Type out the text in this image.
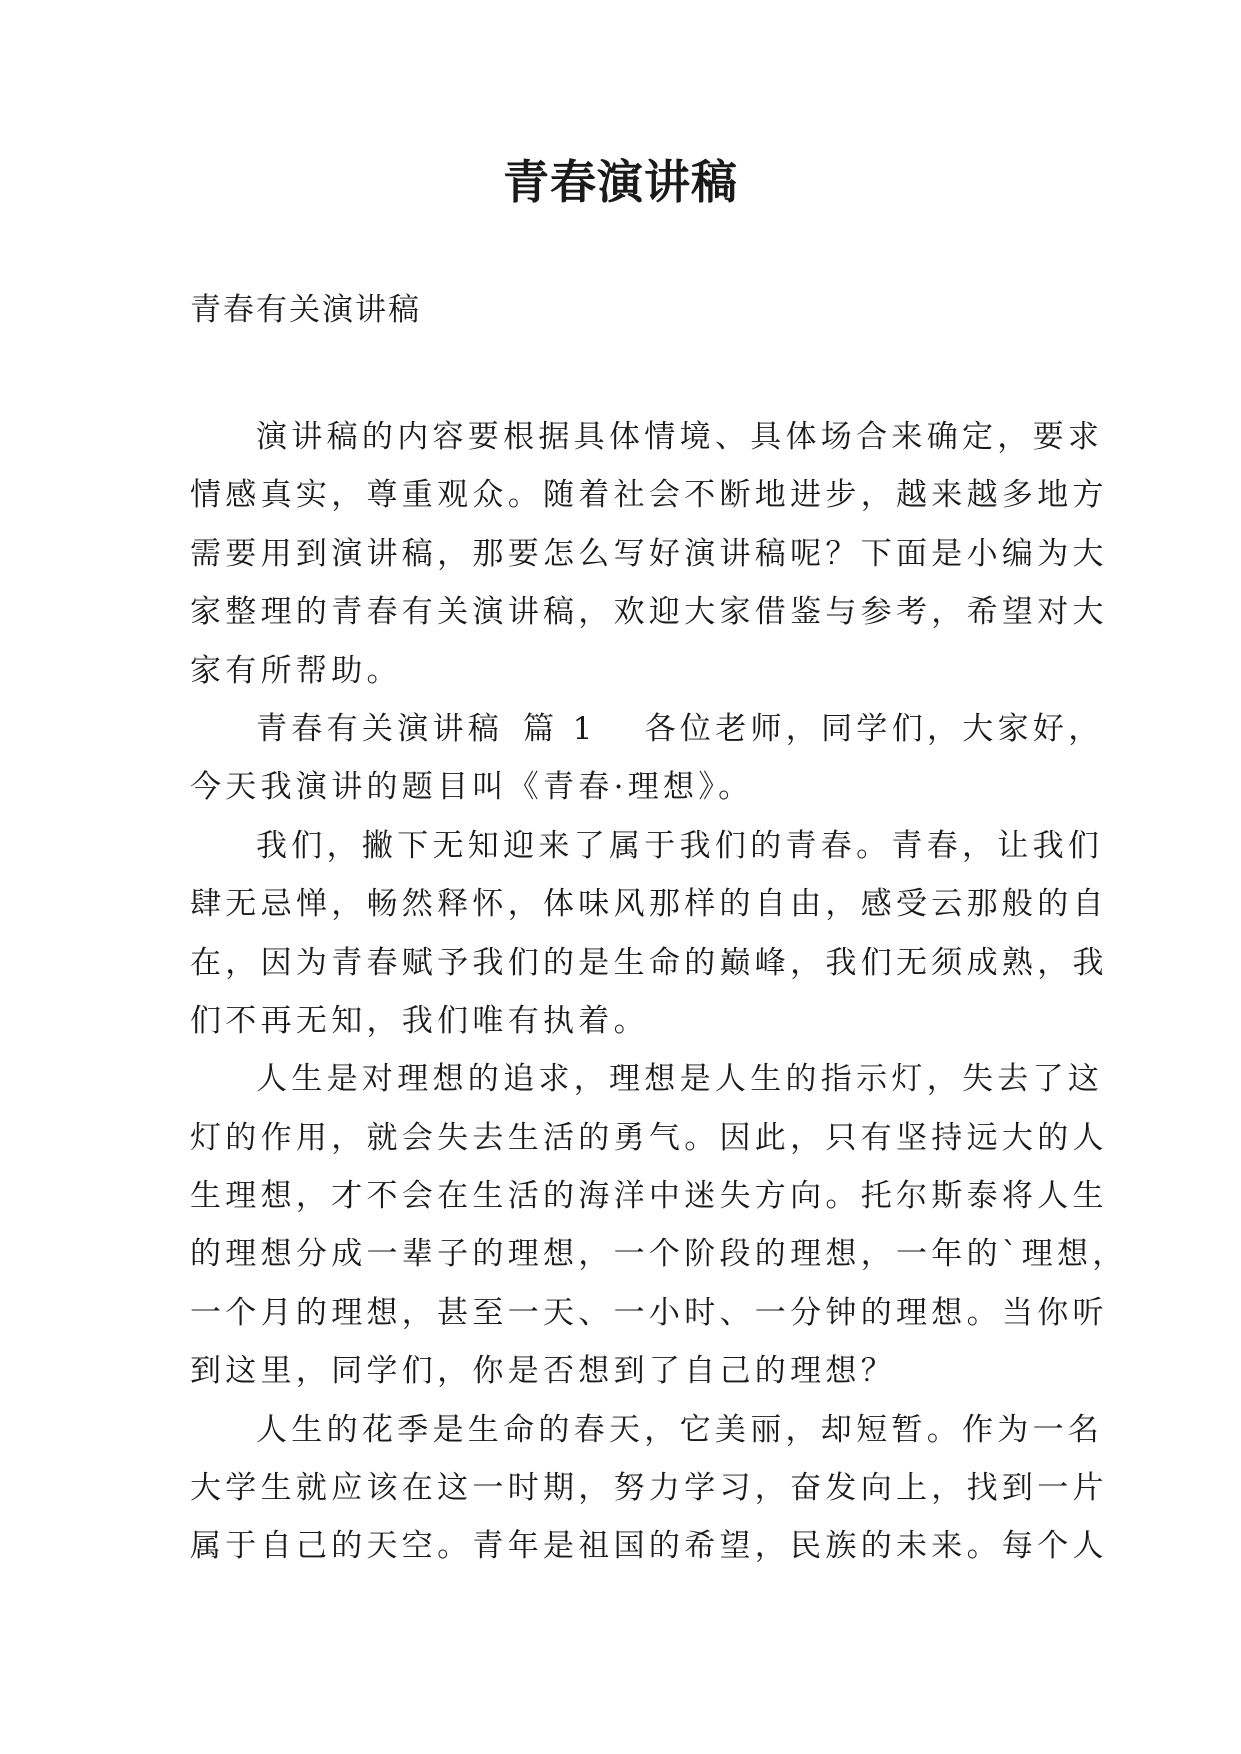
青春演讲稿

青春有关演讲稿

演讲稿的内容要根据具体情境、具体场合来确定，要求
情感真实，尊重观众。随着社会不断地进步，越来越多地方
需要用到演讲稿，那要怎么写好演讲稿呢？下面是小编为大
家整理的青春有关演讲稿，欢迎大家借鉴与参考，希望对大
家有所帮助。
青春有关演讲稿 篇 1 各位老师，同学们，大家好，
今天我演讲的题目叫《青春·理想》。
我们，撇下无知迎来了属于我们的青春。青春，让我们
肆无忌惮，畅然释怀，体味风那样的自由，感受云那般的自
在，因为青春赋予我们的是生命的巅峰，我们无须成熟，我
们不再无知，我们唯有执着。
人生是对理想的追求，理想是人生的指示灯，失去了这
灯的作用，就会失去生活的勇气。因此，只有坚持远大的人
生理想，才不会在生活的海洋中迷失方向。托尔斯泰将人生
的理想分成一辈子的理想，一个阶段的理想，一年的`理想，
一个月的理想，甚至一天、一小时、一分钟的理想。当你听
到这里，同学们，你是否想到了自己的理想？
人生的花季是生命的春天，它美丽，却短暂。作为一名
大学生就应该在这一时期，努力学习，奋发向上，找到一片
属于自己的天空。青年是祖国的希望，民族的未来。每个人
